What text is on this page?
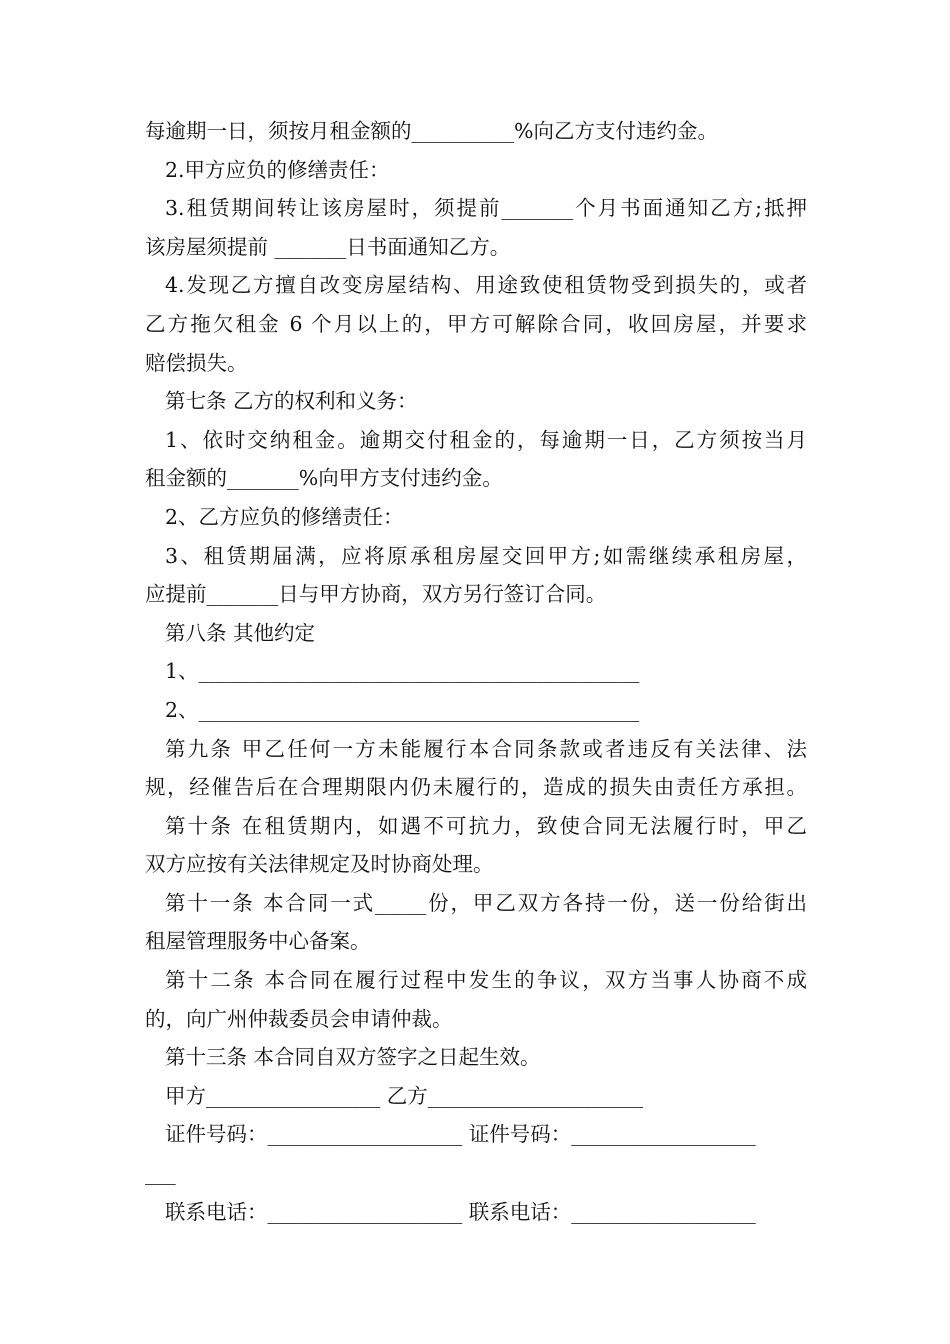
每逾期一日，须按月租金额的__________%向乙方支付违约金。
2.甲方应负的修缮责任：
3.租赁期间转让该房屋时，须提前_______个月书面通知乙方;抵押
该房屋须提前 _______日书面通知乙方。
4.发现乙方擅自改变房屋结构、用途致使租赁物受到损失的，或者
乙方拖欠租金 6 个月以上的，甲方可解除合同，收回房屋，并要求
赔偿损失。
第七条 乙方的权利和义务：
1、依时交纳租金。逾期交付租金的，每逾期一日，乙方须按当月
租金额的_______%向甲方支付违约金。
2、乙方应负的修缮责任：
3、租赁期届满，应将原承租房屋交回甲方;如需继续承租房屋，
应提前_______日与甲方协商，双方另行签订合同。
第八条 其他约定
1、___________________________________________
2、___________________________________________
第九条 甲乙任何一方未能履行本合同条款或者违反有关法律、法
规，经催告后在合理期限内仍未履行的，造成的损失由责任方承担。
第十条 在租赁期内，如遇不可抗力，致使合同无法履行时，甲乙
双方应按有关法律规定及时协商处理。
第十一条 本合同一式_____份，甲乙双方各持一份，送一份给街出
租屋管理服务中心备案。
第十二条 本合同在履行过程中发生的争议，双方当事人协商不成
的，向广州仲裁委员会申请仲裁。
第十三条 本合同自双方签字之日起生效。
甲方_________________ 乙方_____________________
证件号码：___________________ 证件号码：__________________
___
联系电话：___________________ 联系电话：__________________
